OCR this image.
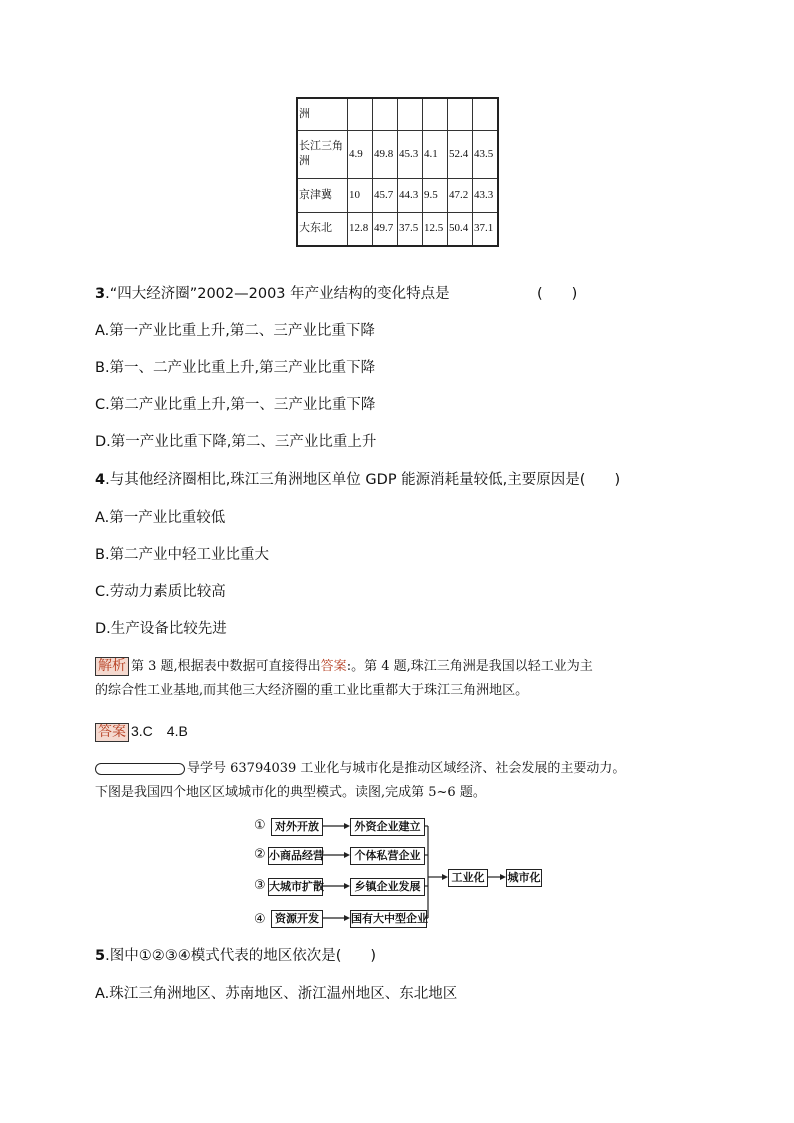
洲						
长江三角洲	4.9	49.8	45.3	4.1	52.4	43.5
京津冀	10	45.7	44.3	9.5	47.2	43.3
大东北	12.8	49.7	37.5	12.5	50.4	37.1
3.“四大经济圈”2002—2003 年产业结构的变化特点是	(　　)
A.第一产业比重上升,第二、三产业比重下降
B.第一、二产业比重上升,第三产业比重下降
C.第二产业比重上升,第一、三产业比重下降
D.第一产业比重下降,第二、三产业比重上升
4.与其他经济圈相比,珠江三角洲地区单位 GDP 能源消耗量较低,主要原因是(　　)
A.第一产业比重较低
B.第二产业中轻工业比重大
C.劳动力素质比较高
D.生产设备比较先进
解析 第 3 题,根据表中数据可直接得出答案:。第 4 题,珠江三角洲是我国以轻工业为主
的综合性工业基地,而其他三大经济圈的重工业比重都大于珠江三角洲地区。
答案 3.C　4.B
导学号 63794039 工业化与城市化是推动区域经济、社会发展的主要动力。
下图是我国四个地区区域城市化的典型模式。读图,完成第 5~6 题。
① 对外开放	外资企业建立
② 小商品经营	个体私营企业
③ 大城市扩散	乡镇企业发展
④ 资源开发	国有大中型企业
工业化	城市化
5.图中①②③④模式代表的地区依次是(　　)
A.珠江三角洲地区、苏南地区、浙江温州地区、东北地区
